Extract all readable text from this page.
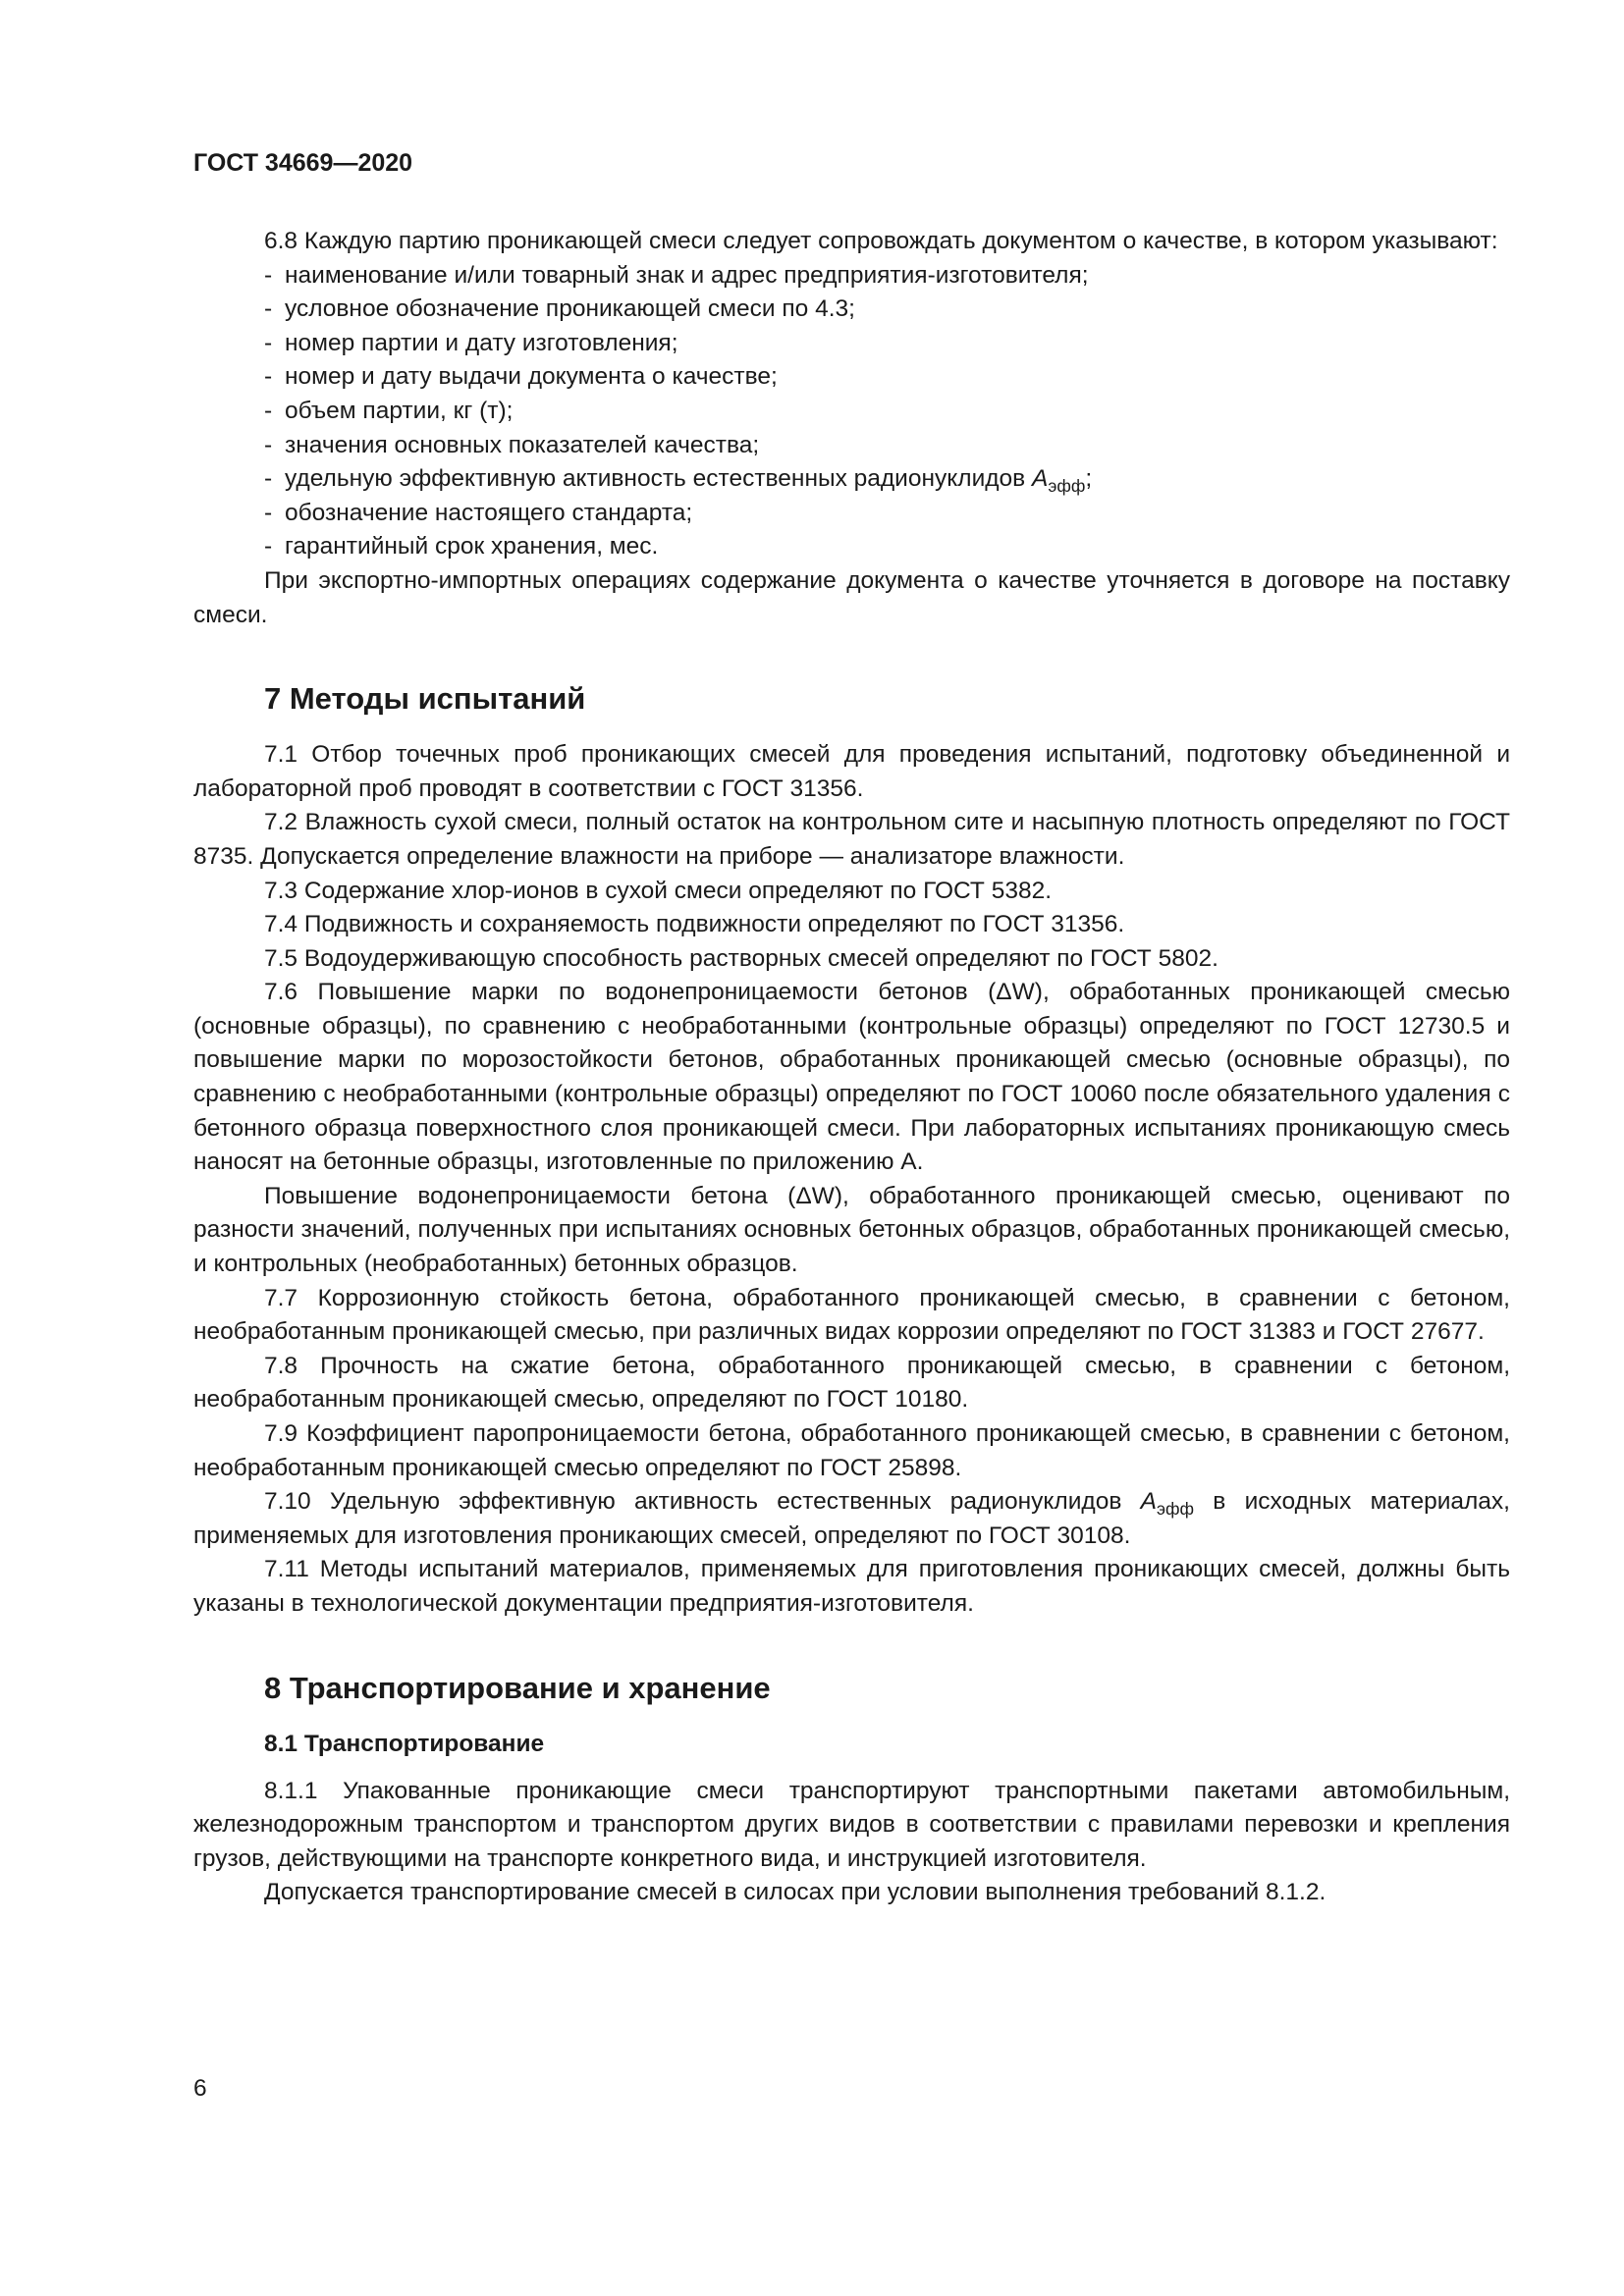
ГОСТ 34669—2020

6.8 Каждую партию проникающей смеси следует сопровождать документом о качестве, в котором указывают:

- наименование и/или товарный знак и адрес предприятия-изготовителя;

- условное обозначение проникающей смеси по 4.3;

- номер партии и дату изготовления;

- номер и дату выдачи документа о качестве;

- объем партии, кг (т);

- значения основных показателей качества;

- удельную эффективную активность естественных радионуклидов $A_{эфф}$;

- обозначение настоящего стандарта;

- гарантийный срок хранения, мес.

При экспортно-импортных операциях содержание документа о качестве уточняется в договоре на поставку смеси.

7 Методы испытаний

7.1 Отбор точечных проб проникающих смесей для проведения испытаний, подготовку объединенной и лабораторной проб проводят в соответствии с ГОСТ 31356.

7.2 Влажность сухой смеси, полный остаток на контрольном сите и насыпную плотность определяют по ГОСТ 8735. Допускается определение влажности на приборе — анализаторе влажности.

7.3 Содержание хлор-ионов в сухой смеси определяют по ГОСТ 5382.

7.4 Подвижность и сохраняемость подвижности определяют по ГОСТ 31356.

7.5 Водоудерживающую способность растворных смесей определяют по ГОСТ 5802.

7.6 Повышение марки по водонепроницаемости бетонов (ΔW), обработанных проникающей смесью (основные образцы), по сравнению с необработанными (контрольные образцы) определяют по ГОСТ 12730.5 и повышение марки по морозостойкости бетонов, обработанных проникающей смесью (основные образцы), по сравнению с необработанными (контрольные образцы) определяют по ГОСТ 10060 после обязательного удаления с бетонного образца поверхностного слоя проникающей смеси. При лабораторных испытаниях проникающую смесь наносят на бетонные образцы, изготовленные по приложению А.

Повышение водонепроницаемости бетона (ΔW), обработанного проникающей смесью, оценивают по разности значений, полученных при испытаниях основных бетонных образцов, обработанных проникающей смесью, и контрольных (необработанных) бетонных образцов.

7.7 Коррозионную стойкость бетона, обработанного проникающей смесью, в сравнении с бетоном, необработанным проникающей смесью, при различных видах коррозии определяют по ГОСТ 31383 и ГОСТ 27677.

7.8 Прочность на сжатие бетона, обработанного проникающей смесью, в сравнении с бетоном, необработанным проникающей смесью, определяют по ГОСТ 10180.

7.9 Коэффициент паропроницаемости бетона, обработанного проникающей смесью, в сравнении с бетоном, необработанным проникающей смесью определяют по ГОСТ 25898.

7.10 Удельную эффективную активность естественных радионуклидов $A_{эфф}$ в исходных материалах, применяемых для изготовления проникающих смесей, определяют по ГОСТ 30108.

7.11 Методы испытаний материалов, применяемых для приготовления проникающих смесей, должны быть указаны в технологической документации предприятия-изготовителя.

8 Транспортирование и хранение
8.1 Транспортирование

8.1.1 Упакованные проникающие смеси транспортируют транспортными пакетами автомобильным, железнодорожным транспортом и транспортом других видов в соответствии с правилами перевозки и крепления грузов, действующими на транспорте конкретного вида, и инструкцией изготовителя.

Допускается транспортирование смесей в силосах при условии выполнения требований 8.1.2.

6
